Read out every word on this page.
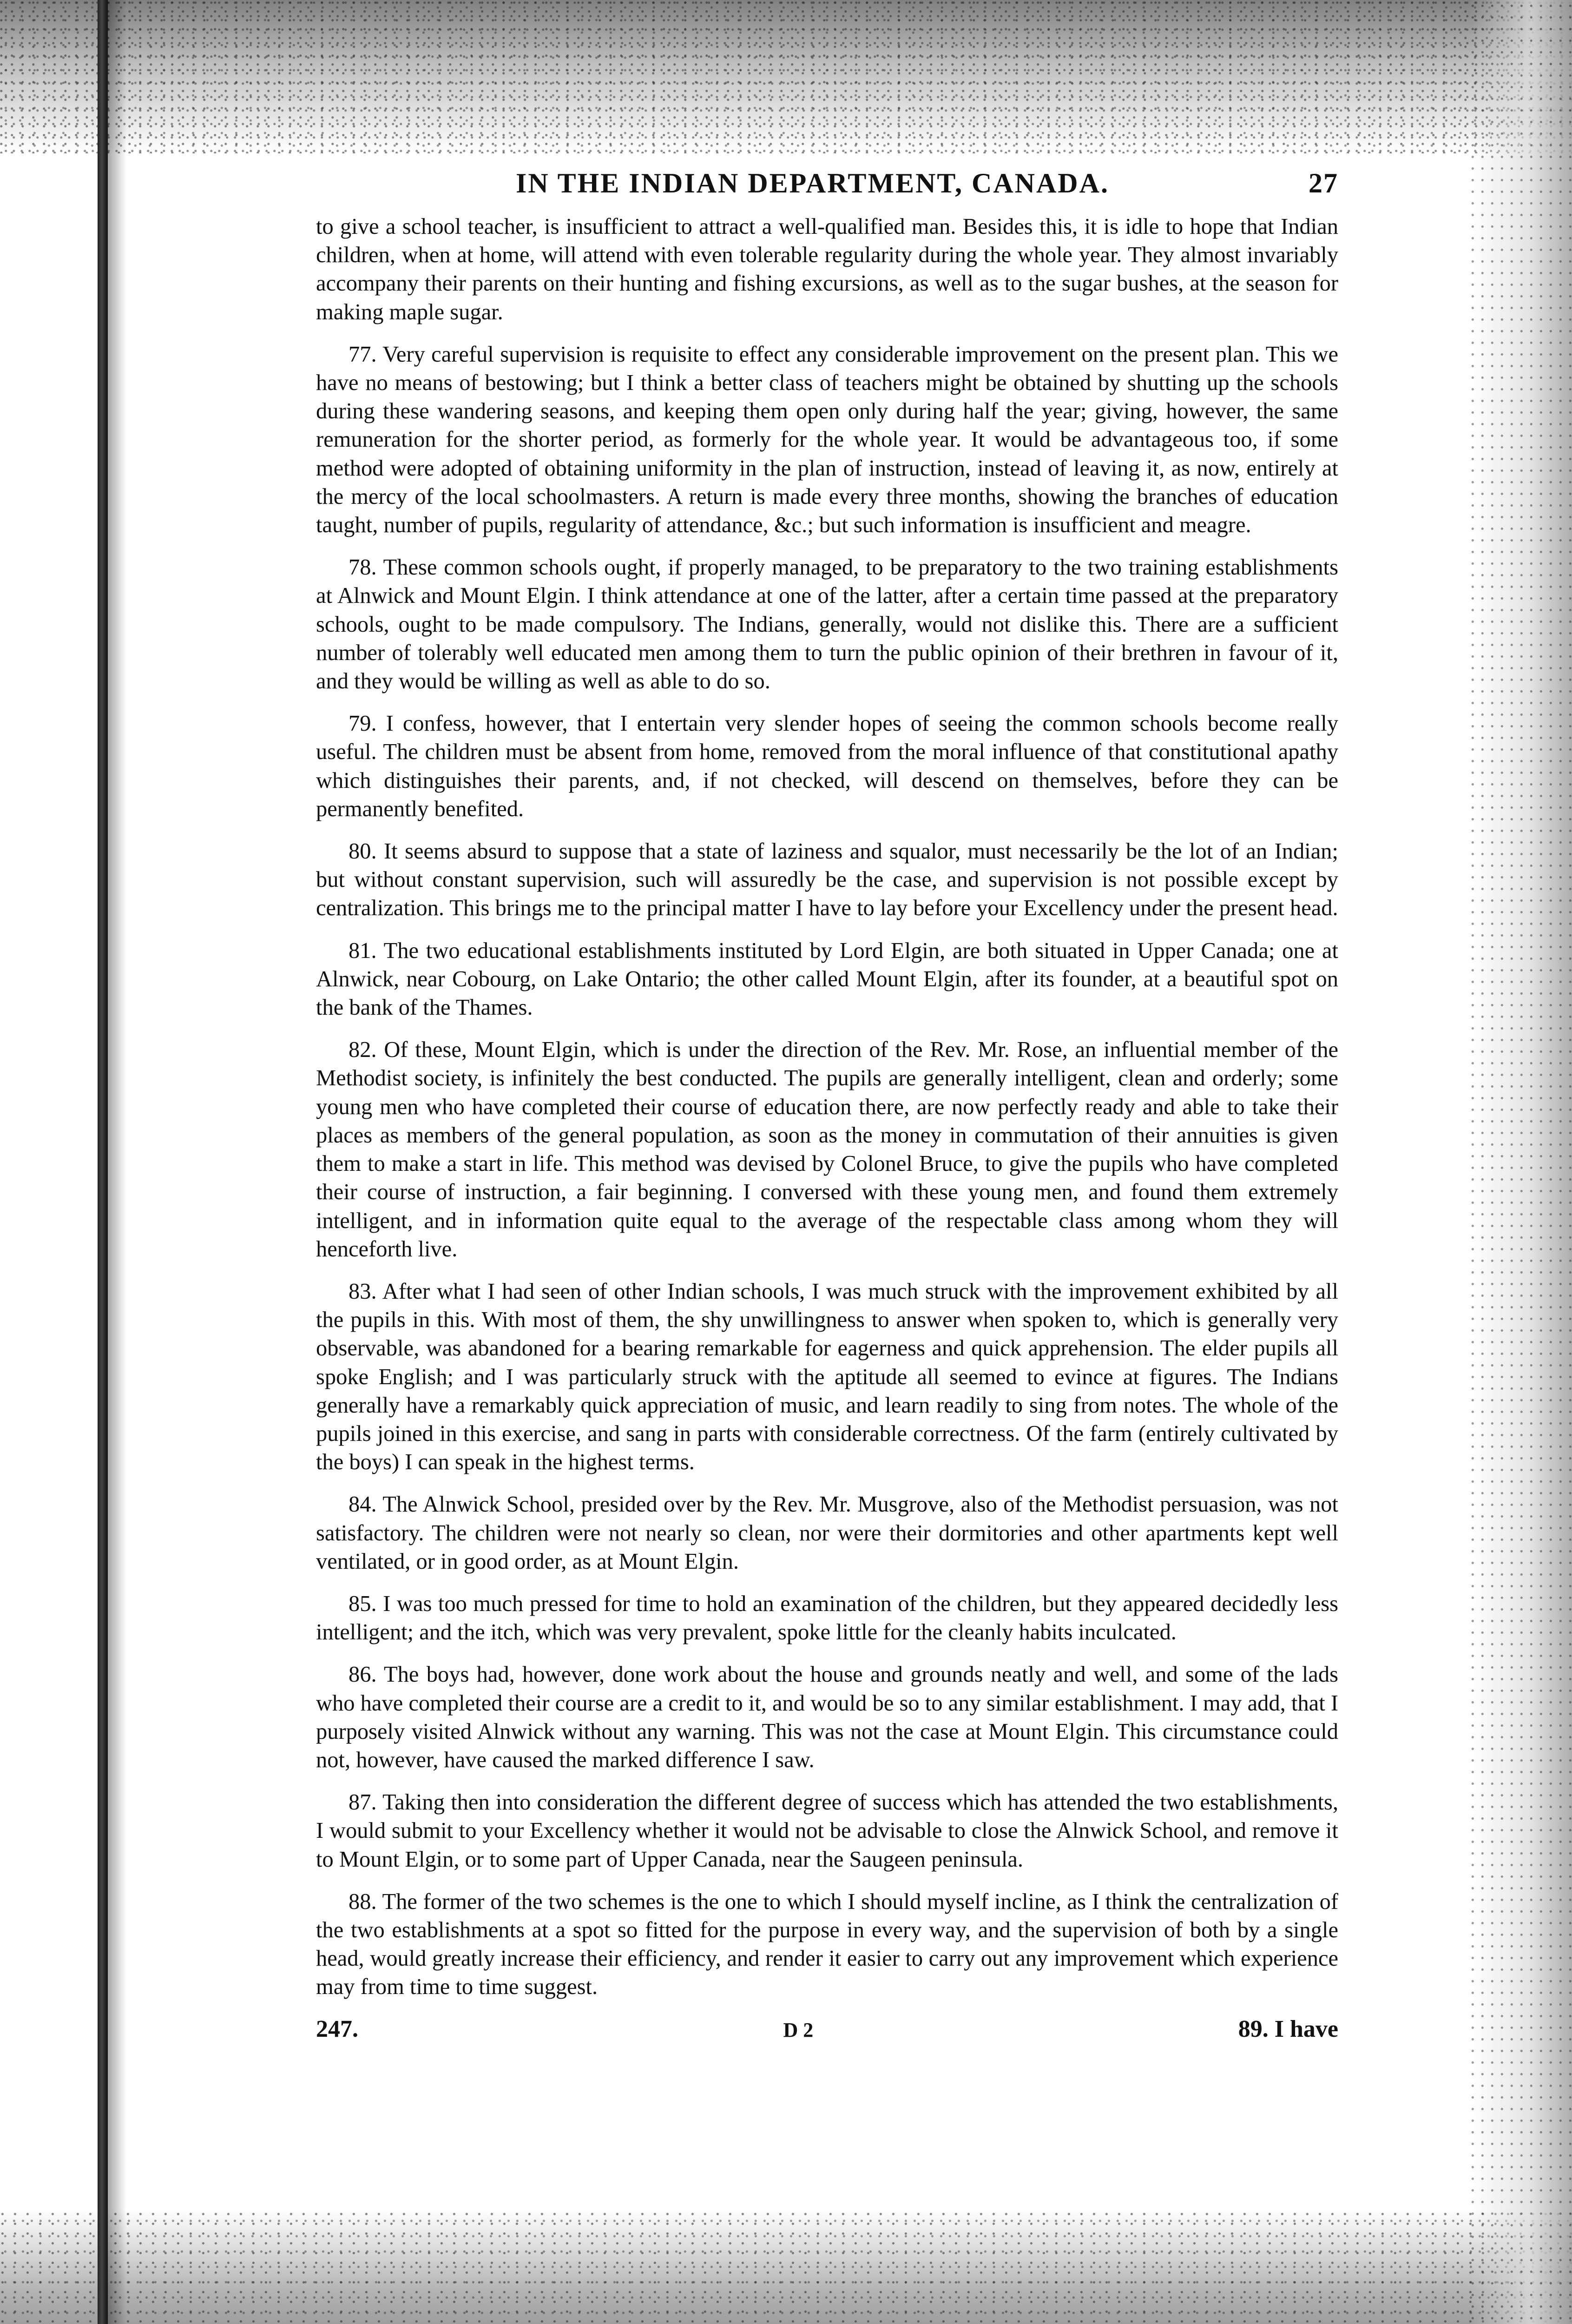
IN THE INDIAN DEPARTMENT, CANADA.	27

to give a school teacher, is insufficient to attract a well-qualified man. Besides this, it is idle to hope that Indian children, when at home, will attend with even tolerable regularity during the whole year. They almost invariably accompany their parents on their hunting and fishing excursions, as well as to the sugar bushes, at the season for making maple sugar.

77. Very careful supervision is requisite to effect any considerable improvement on the present plan. This we have no means of bestowing; but I think a better class of teachers might be obtained by shutting up the schools during these wandering seasons, and keeping them open only during half the year; giving, however, the same remuneration for the shorter period, as formerly for the whole year. It would be advantageous too, if some method were adopted of obtaining uniformity in the plan of instruction, instead of leaving it, as now, entirely at the mercy of the local schoolmasters. A return is made every three months, showing the branches of education taught, number of pupils, regularity of attendance, &c.; but such information is insufficient and meagre.

78. These common schools ought, if properly managed, to be preparatory to the two training establishments at Alnwick and Mount Elgin. I think attendance at one of the latter, after a certain time passed at the preparatory schools, ought to be made compulsory. The Indians, generally, would not dislike this. There are a sufficient number of tolerably well educated men among them to turn the public opinion of their brethren in favour of it, and they would be willing as well as able to do so.

79. I confess, however, that I entertain very slender hopes of seeing the common schools become really useful. The children must be absent from home, removed from the moral influence of that constitutional apathy which distinguishes their parents, and, if not checked, will descend on themselves, before they can be permanently benefited.

80. It seems absurd to suppose that a state of laziness and squalor, must necessarily be the lot of an Indian; but without constant supervision, such will assuredly be the case, and supervision is not possible except by centralization. This brings me to the principal matter I have to lay before your Excellency under the present head.

81. The two educational establishments instituted by Lord Elgin, are both situated in Upper Canada; one at Alnwick, near Cobourg, on Lake Ontario; the other called Mount Elgin, after its founder, at a beautiful spot on the bank of the Thames.

82. Of these, Mount Elgin, which is under the direction of the Rev. Mr. Rose, an influential member of the Methodist society, is infinitely the best conducted. The pupils are generally intelligent, clean and orderly; some young men who have completed their course of education there, are now perfectly ready and able to take their places as members of the general population, as soon as the money in commutation of their annuities is given them to make a start in life. This method was devised by Colonel Bruce, to give the pupils who have completed their course of instruction, a fair beginning. I conversed with these young men, and found them extremely intelligent, and in information quite equal to the average of the respectable class among whom they will henceforth live.

83. After what I had seen of other Indian schools, I was much struck with the improvement exhibited by all the pupils in this. With most of them, the shy unwillingness to answer when spoken to, which is generally very observable, was abandoned for a bearing remarkable for eagerness and quick apprehension. The elder pupils all spoke English; and I was particularly struck with the aptitude all seemed to evince at figures. The Indians generally have a remarkably quick appreciation of music, and learn readily to sing from notes. The whole of the pupils joined in this exercise, and sang in parts with considerable correctness. Of the farm (entirely cultivated by the boys) I can speak in the highest terms.

84. The Alnwick School, presided over by the Rev. Mr. Musgrove, also of the Methodist persuasion, was not satisfactory. The children were not nearly so clean, nor were their dormitories and other apartments kept well ventilated, or in good order, as at Mount Elgin.

85. I was too much pressed for time to hold an examination of the children, but they appeared decidedly less intelligent; and the itch, which was very prevalent, spoke little for the cleanly habits inculcated.

86. The boys had, however, done work about the house and grounds neatly and well, and some of the lads who have completed their course are a credit to it, and would be so to any similar establishment. I may add, that I purposely visited Alnwick without any warning. This was not the case at Mount Elgin. This circumstance could not, however, have caused the marked difference I saw.

87. Taking then into consideration the different degree of success which has attended the two establishments, I would submit to your Excellency whether it would not be advisable to close the Alnwick School, and remove it to Mount Elgin, or to some part of Upper Canada, near the Saugeen peninsula.

88. The former of the two schemes is the one to which I should myself incline, as I think the centralization of the two establishments at a spot so fitted for the purpose in every way, and the supervision of both by a single head, would greatly increase their efficiency, and render it easier to carry out any improvement which experience may from time to time suggest.

247.	D 2	89. I have
